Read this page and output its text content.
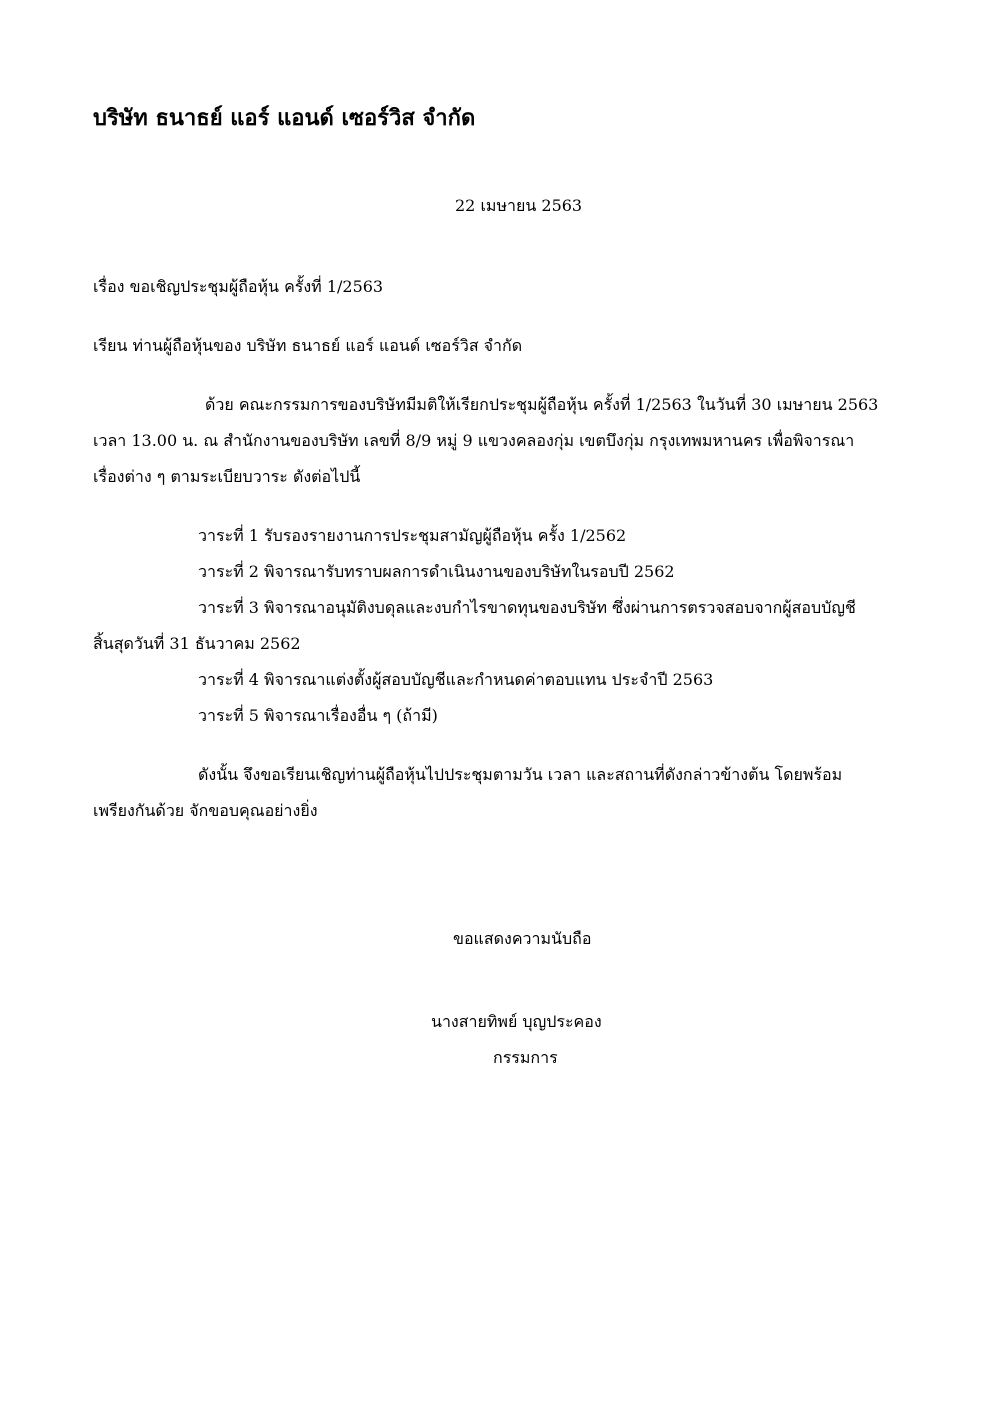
บริษัท ธนาธย์ แอร์ แอนด์ เซอร์วิส จำกัด
22 เมษายน 2563
เรื่อง ขอเชิญประชุมผู้ถือหุ้น ครั้งที่ 1/2563
เรียน ท่านผู้ถือหุ้นของ บริษัท ธนาธย์ แอร์ แอนด์ เซอร์วิส จำกัด
ด้วย คณะกรรมการของบริษัทมีมติให้เรียกประชุมผู้ถือหุ้น ครั้งที่ 1/2563 ในวันที่ 30 เมษายน 2563
เวลา 13.00 น. ณ สำนักงานของบริษัท เลขที่ 8/9 หมู่ 9 แขวงคลองกุ่ม เขตบึงกุ่ม กรุงเทพมหานคร เพื่อพิจารณา
เรื่องต่าง ๆ ตามระเบียบวาระ ดังต่อไปนี้
วาระที่ 1 รับรองรายงานการประชุมสามัญผู้ถือหุ้น ครั้ง 1/2562
วาระที่ 2 พิจารณารับทราบผลการดำเนินงานของบริษัทในรอบปี 2562
วาระที่ 3 พิจารณาอนุมัติงบดุลและงบกำไรขาดทุนของบริษัท ซึ่งผ่านการตรวจสอบจากผู้สอบบัญชี
สิ้นสุดวันที่ 31 ธันวาคม 2562
วาระที่ 4 พิจารณาแต่งตั้งผู้สอบบัญชีและกำหนดค่าตอบแทน ประจำปี 2563
วาระที่ 5 พิจารณาเรื่องอื่น ๆ (ถ้ามี)
ดังนั้น จึงขอเรียนเชิญท่านผู้ถือหุ้นไปประชุมตามวัน เวลา และสถานที่ดังกล่าวข้างต้น โดยพร้อม
เพรียงกันด้วย จักขอบคุณอย่างยิ่ง
ขอแสดงความนับถือ
นางสายทิพย์ บุญประคอง
กรรมการ
